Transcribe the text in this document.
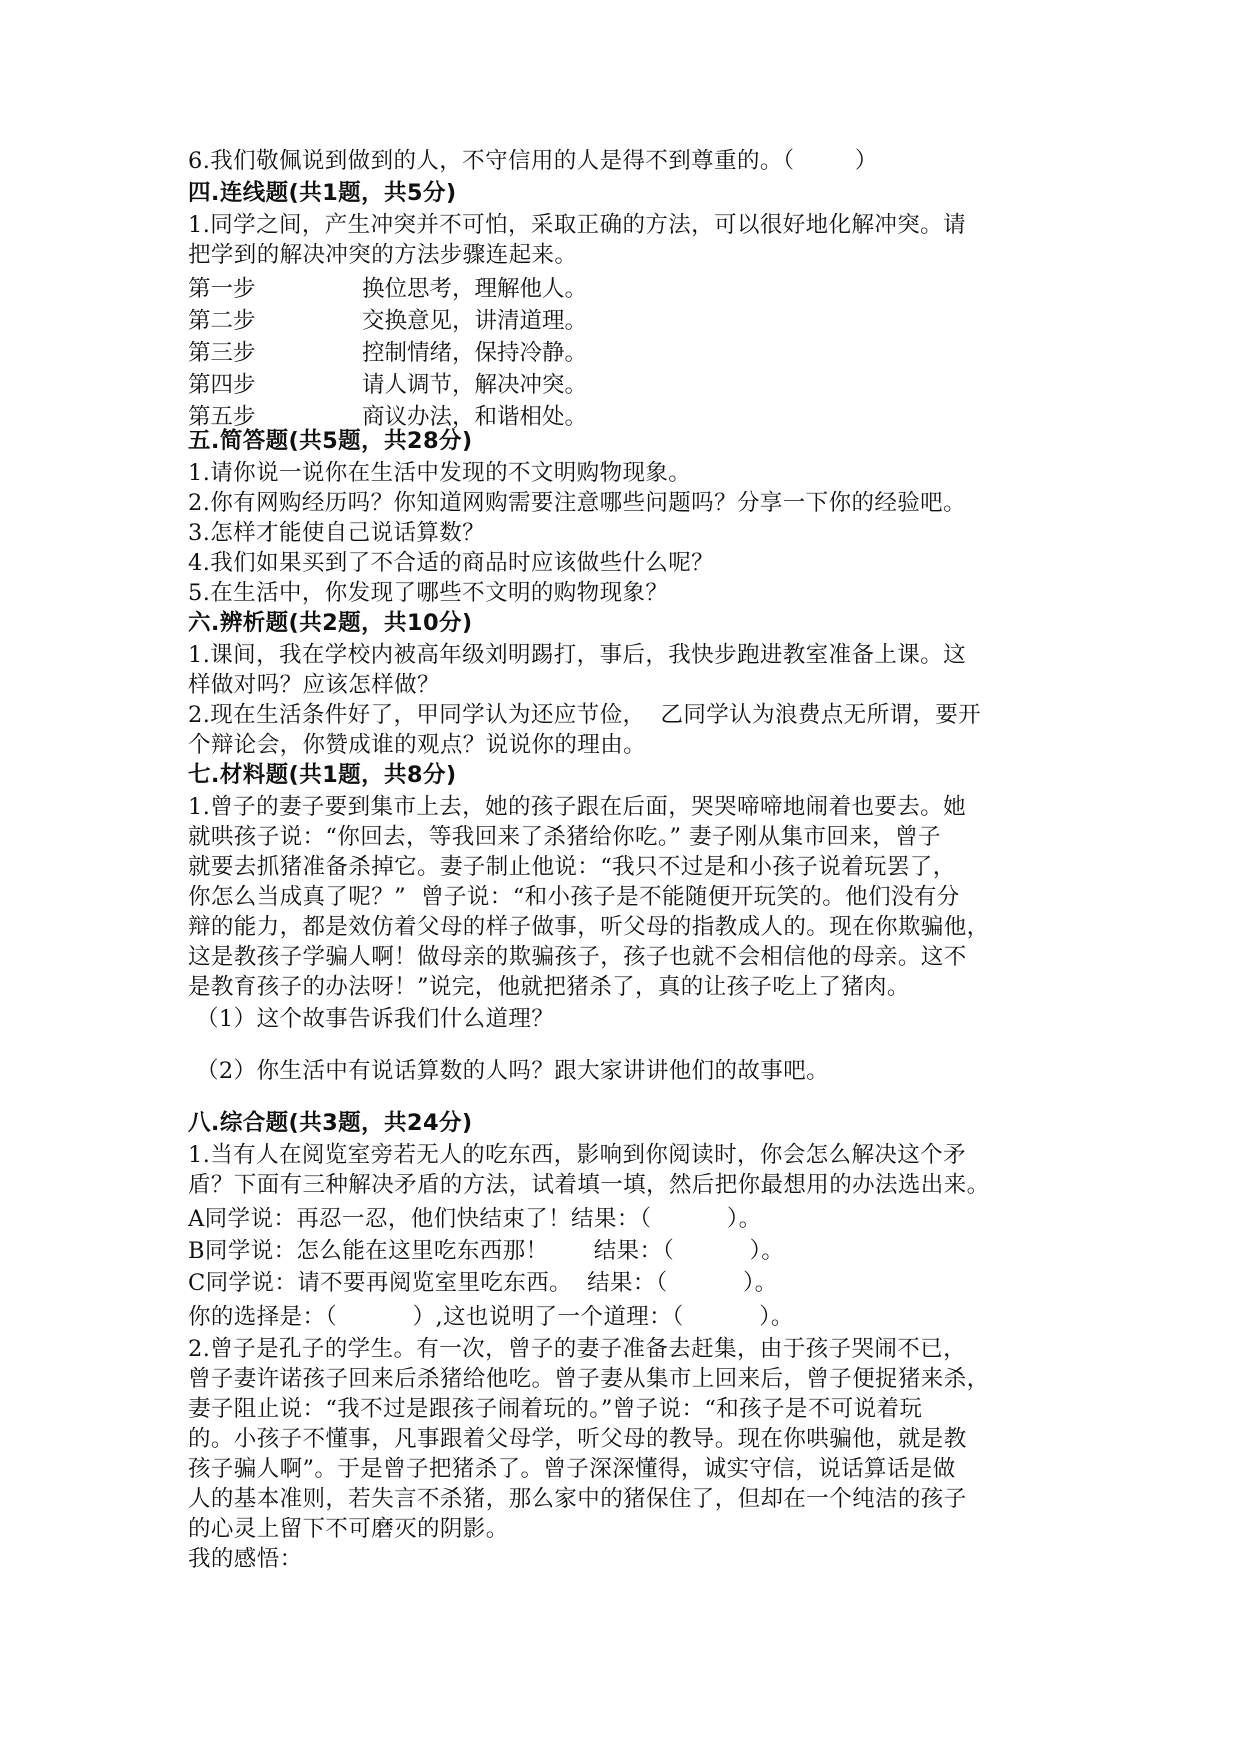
6.我们敬佩说到做到的人，不守信用的人是得不到尊重的。（        ）
四.连线题(共1题，共5分)
1.同学之间，产生冲突并不可怕，采取正确的方法，可以很好地化解冲突。请
把学到的解决冲突的方法步骤连起来。
五.简答题(共5题，共28分)
1.请你说一说你在生活中发现的不文明购物现象。
2.你有网购经历吗？你知道网购需要注意哪些问题吗？分享一下你的经验吧。
3.怎样才能使自己说话算数？
4.我们如果买到了不合适的商品时应该做些什么呢？
5.在生活中，你发现了哪些不文明的购物现象？
六.辨析题(共2题，共10分)
1.课间，我在学校内被高年级刘明踢打，事后，我快步跑进教室准备上课。这
样做对吗？应该怎样做？
2.现在生活条件好了，甲同学认为还应节俭，  乙同学认为浪费点无所谓，要开
个辩论会，你赞成谁的观点？说说你的理由。
七.材料题(共1题，共8分)
1.曾子的妻子要到集市上去，她的孩子跟在后面，哭哭啼啼地闹着也要去。她
就哄孩子说：“你回去，等我回来了杀猪给你吃。” 妻子刚从集市回来，曾子
就要去抓猪准备杀掉它。妻子制止他说：“我只不过是和小孩子说着玩罢了，
你怎么当成真了呢？”  曾子说：“和小孩子是不能随便开玩笑的。他们没有分
辩的能力，都是效仿着父母的样子做事，听父母的指教成人的。现在你欺骗他，
这是教孩子学骗人啊！做母亲的欺骗孩子，孩子也就不会相信他的母亲。这不
是教育孩子的办法呀！”说完，他就把猪杀了，真的让孩子吃上了猪肉。
（1）这个故事告诉我们什么道理？
（2）你生活中有说话算数的人吗？跟大家讲讲他们的故事吧。
八.综合题(共3题，共24分)
1.当有人在阅览室旁若无人的吃东西，影响到你阅读时，你会怎么解决这个矛
盾？下面有三种解决矛盾的方法，试着填一填，然后把你最想用的办法选出来。
A同学说：再忍一忍，他们快结束了！结果：（          ）。
B同学说：怎么能在这里吃东西那！      结果：（          ）。
C同学说：请不要再阅览室里吃东西。  结果：（          ）。
你的选择是：（          ）,这也说明了一个道理：（          ）。
2.曾子是孔子的学生。有一次，曾子的妻子准备去赶集，由于孩子哭闹不已，
曾子妻许诺孩子回来后杀猪给他吃。曾子妻从集市上回来后，曾子便捉猪来杀，
妻子阻止说：“我不过是跟孩子闹着玩的。”曾子说：“和孩子是不可说着玩
的。小孩子不懂事，凡事跟着父母学，听父母的教导。现在你哄骗他，就是教
孩子骗人啊”。于是曾子把猪杀了。曾子深深懂得，诚实守信，说话算话是做
人的基本准则，若失言不杀猪，那么家中的猪保住了，但却在一个纯洁的孩子
的心灵上留下不可磨灭的阴影。
我的感悟：
第一步	换位思考，理解他人。
第二步	交换意见，讲清道理。
第三步	控制情绪，保持冷静。
第四步	请人调节，解决冲突。
第五步	商议办法，和谐相处。
